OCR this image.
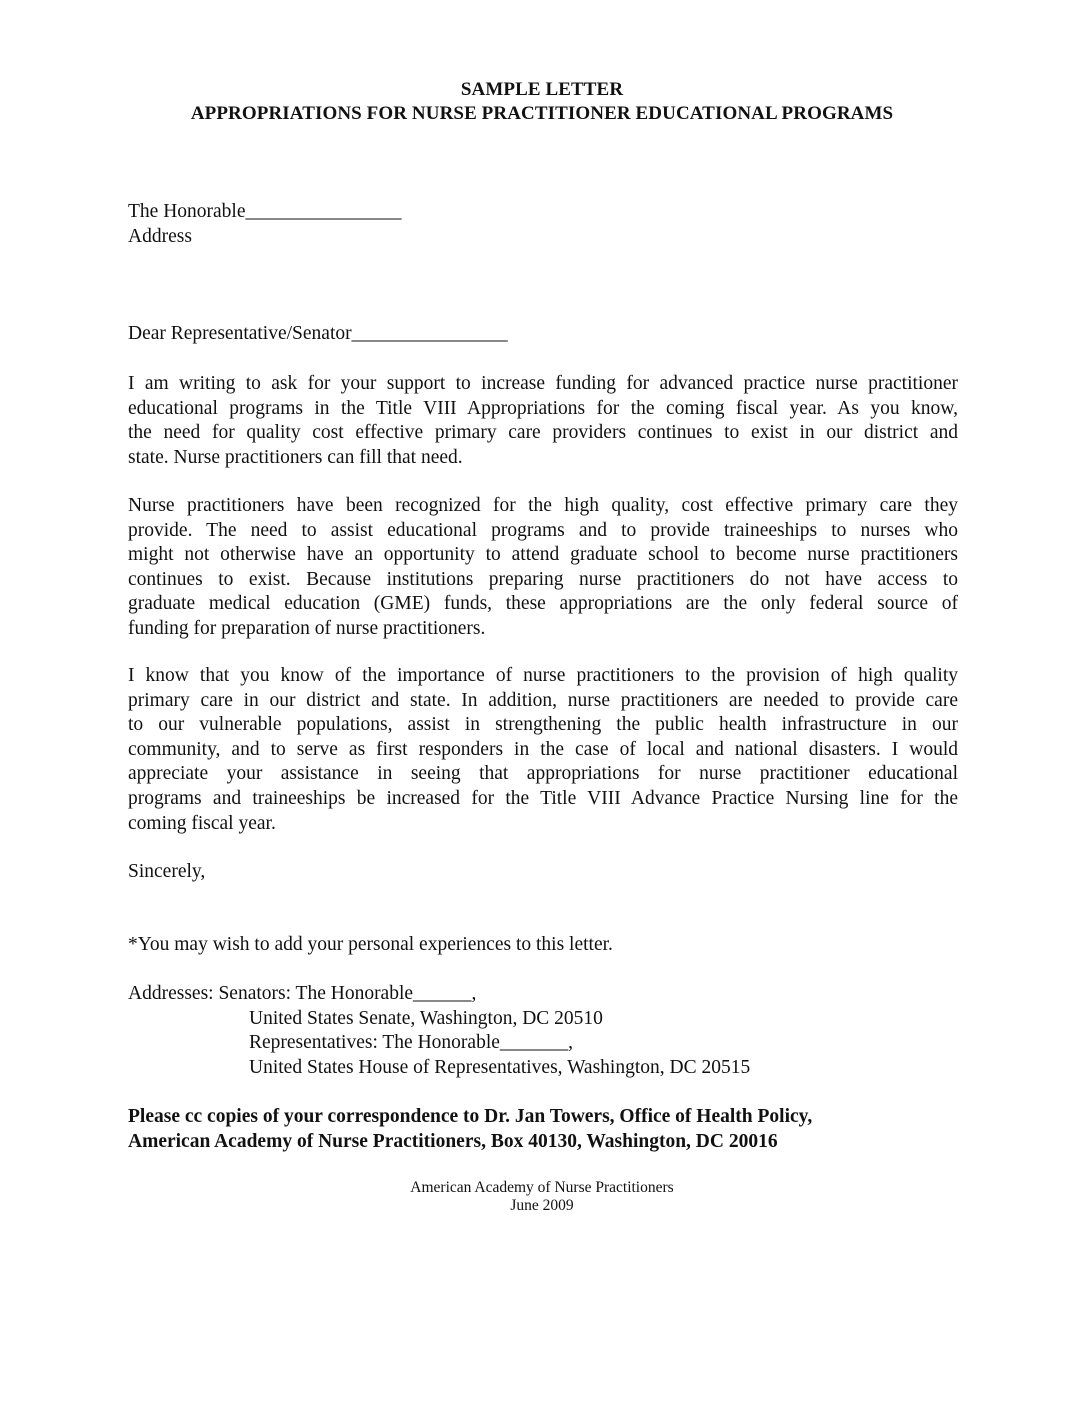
SAMPLE LETTER
APPROPRIATIONS FOR NURSE PRACTITIONER EDUCATIONAL PROGRAMS
The Honorable________________
Address
Dear Representative/Senator________________
I am writing to ask for your support to increase funding for advanced practice nurse practitioner
educational programs in the Title VIII Appropriations for the coming fiscal year. As you know,
the need for quality cost effective primary care providers continues to exist in our district and
state. Nurse practitioners can fill that need.
Nurse practitioners have been recognized for the high quality, cost effective primary care they
provide. The need to assist educational programs and to provide traineeships to nurses who
might not otherwise have an opportunity to attend graduate school to become nurse practitioners
continues to exist. Because institutions preparing nurse practitioners do not have access to
graduate medical education (GME) funds, these appropriations are the only federal source of
funding for preparation of nurse practitioners.
I know that you know of the importance of nurse practitioners to the provision of high quality
primary care in our district and state. In addition, nurse practitioners are needed to provide care
to our vulnerable populations, assist in strengthening the public health infrastructure in our
community, and to serve as first responders in the case of local and national disasters. I would
appreciate your assistance in seeing that appropriations for nurse practitioner educational
programs and traineeships be increased for the Title VIII Advance Practice Nursing line for the
coming fiscal year.
Sincerely,
*You may wish to add your personal experiences to this letter.
Addresses: Senators: The Honorable______,
United States Senate, Washington, DC 20510
Representatives: The Honorable_______,
United States House of Representatives, Washington, DC 20515
Please cc copies of your correspondence to Dr. Jan Towers, Office of Health Policy,
American Academy of Nurse Practitioners, Box 40130, Washington, DC 20016
American Academy of Nurse Practitioners
June 2009
